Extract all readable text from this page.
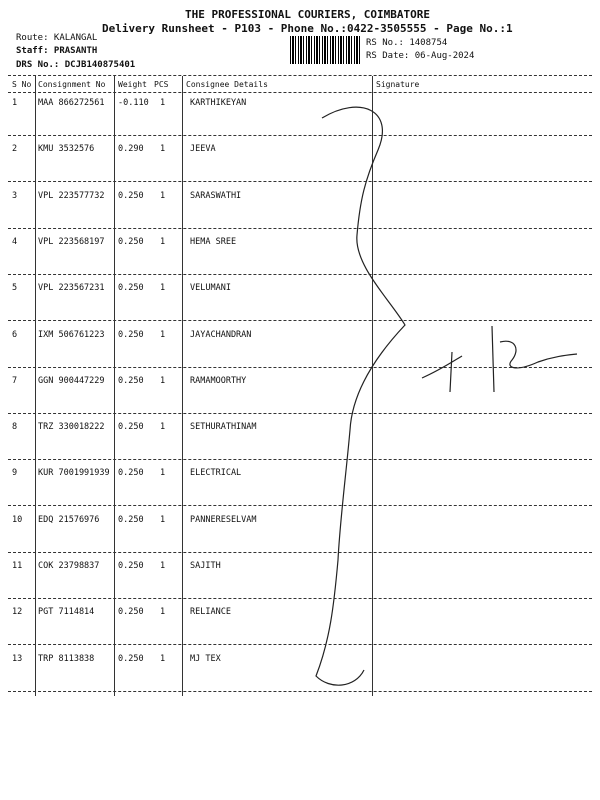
THE PROFESSIONAL COURIERS, COIMBATORE
Delivery Runsheet - P103 - Phone No.:0422-3505555 - Page No.:1
Route: KALANGAL
Staff: PRASANTH
DRS No.: DCJB140875401
RS No.: 1408754
RS Date: 06-Aug-2024
S No Consignment No Weight PCS Consignee Details	Signature
1 MAA 866272561 -0.110 1	KARTHIKEYAN
2 KMU 3532576	0.290 1	JEEVA
3 VPL 223577732 0.250 1	SARASWATHI
4 VPL 223568197 0.250 1	HEMA SREE
5 VPL 223567231 0.250 1	VELUMANI
6 IXM 506761223 0.250 1	JAYACHANDRAN
7 GGN 900447229 0.250 1	RAMAMOORTHY
8 TRZ 330018222 0.250 1	SETHURATHINAM
9 KUR 7001991939 0.250 1	ELECTRICAL
10 EDQ 21576976 0.250 1	PANNERESELVAM
11 COK 23798837 0.250 1	SAJITH
12 PGT 7114814	0.250 1	RELIANCE
13 TRP 8113838	0.250 1	MJ TEX
